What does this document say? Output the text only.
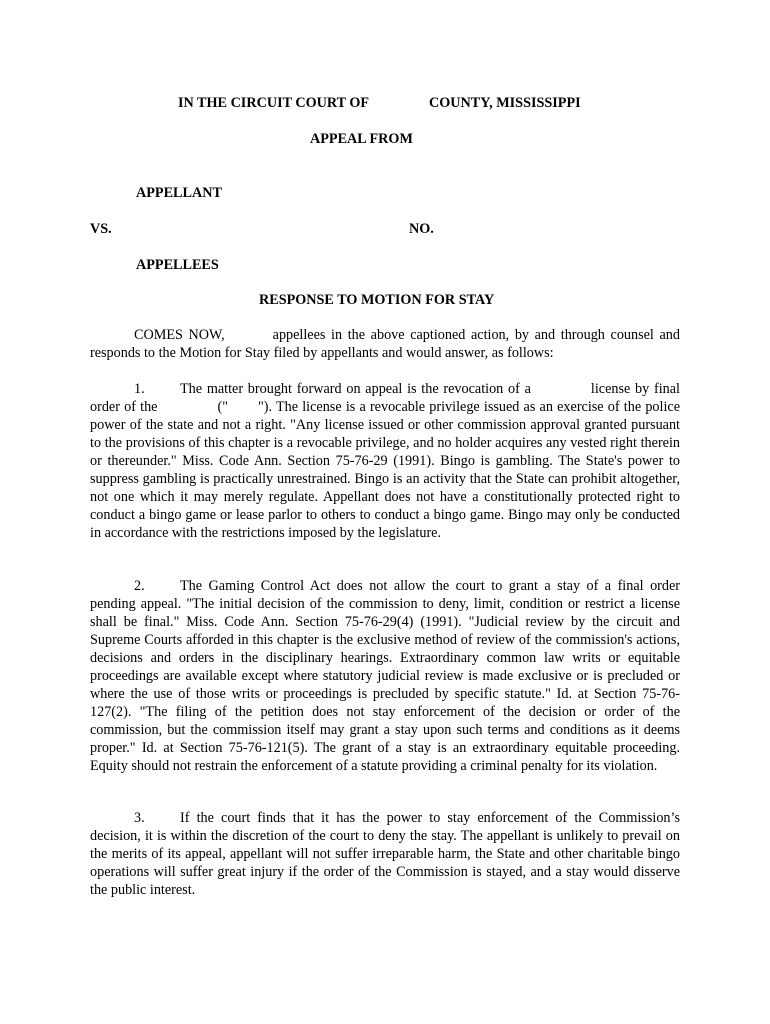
IN THE CIRCUIT COURT OF	COUNTY, MISSISSIPPI
APPEAL FROM
APPELLANT
VS.	NO.
APPELLEES
RESPONSE TO MOTION FOR STAY
COMES NOW,	appellees in the above captioned action, by and through counsel and responds to the Motion for Stay filed by appellants and would answer, as follows:
1. The matter brought forward on appeal is the revocation of a	license by final order of the	(" "). The license is a revocable privilege issued as an exercise of the police power of the state and not a right. "Any license issued or other commission approval granted pursuant to the provisions of this chapter is a revocable privilege, and no holder acquires any vested right therein or thereunder." Miss. Code Ann. Section 75-76-29 (1991). Bingo is gambling. The State's power to suppress gambling is practically unrestrained. Bingo is an activity that the State can prohibit altogether, not one which it may merely regulate. Appellant does not have a constitutionally protected right to conduct a bingo game or lease parlor to others to conduct a bingo game. Bingo may only be conducted in accordance with the restrictions imposed by the legislature.
2. The Gaming Control Act does not allow the court to grant a stay of a final order pending appeal. "The initial decision of the commission to deny, limit, condition or restrict a license shall be final." Miss. Code Ann. Section 75-76-29(4) (1991). "Judicial review by the circuit and Supreme Courts afforded in this chapter is the exclusive method of review of the commission's actions, decisions and orders in the disciplinary hearings. Extraordinary common law writs or equitable proceedings are available except where statutory judicial review is made exclusive or is precluded or where the use of those writs or proceedings is precluded by specific statute." Id. at Section 75-76-127(2). "The filing of the petition does not stay enforcement of the decision or order of the commission, but the commission itself may grant a stay upon such terms and conditions as it deems proper." Id. at Section 75-76-121(5). The grant of a stay is an extraordinary equitable proceeding. Equity should not restrain the enforcement of a statute providing a criminal penalty for its violation.
3. If the court finds that it has the power to stay enforcement of the Commission’s decision, it is within the discretion of the court to deny the stay. The appellant is unlikely to prevail on the merits of its appeal, appellant will not suffer irreparable harm, the State and other charitable bingo operations will suffer great injury if the order of the Commission is stayed, and a stay would disserve the public interest.
